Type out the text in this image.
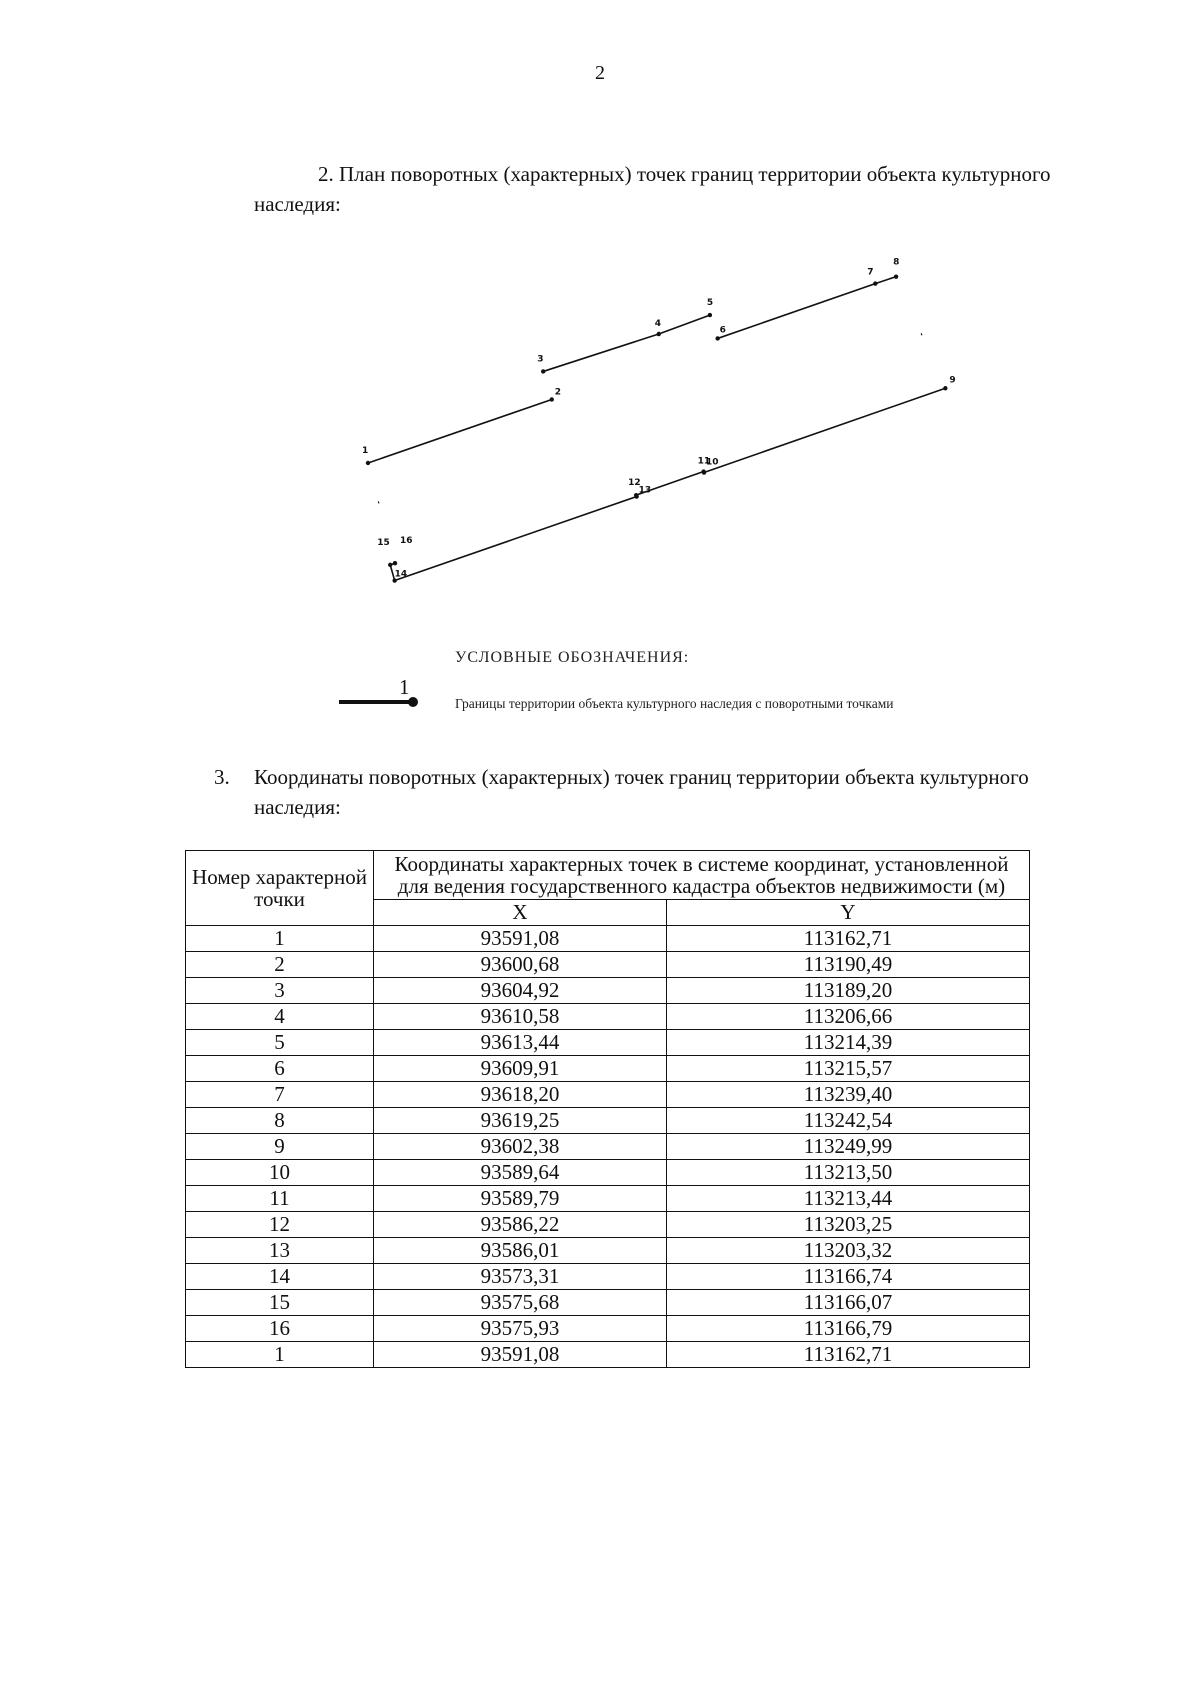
2
2. План поворотных (характерных) точек границ территории объекта культурного наследия:
1
2
3
4
5
6
7
8
9
10
11
12
13
14
15 16
УСЛОВНЫЕ ОБОЗНАЧЕНИЯ:
1
Границы территории объекта культурного наследия с поворотными точками
3. Координаты поворотных (характерных) точек границ территории объекта культурного наследия:
Номер характерной точки	Координаты характерных точек в системе координат, установленной для ведения государственного кадастра объектов недвижимости (м)	
	X	Y
1	93591,08	113162,71
2	93600,68	113190,49
3	93604,92	113189,20
4	93610,58	113206,66
5	93613,44	113214,39
6	93609,91	113215,57
7	93618,20	113239,40
8	93619,25	113242,54
9	93602,38	113249,99
10	93589,64	113213,50
11	93589,79	113213,44
12	93586,22	113203,25
13	93586,01	113203,32
14	93573,31	113166,74
15	93575,68	113166,07
16	93575,93	113166,79
1	93591,08	113162,71
